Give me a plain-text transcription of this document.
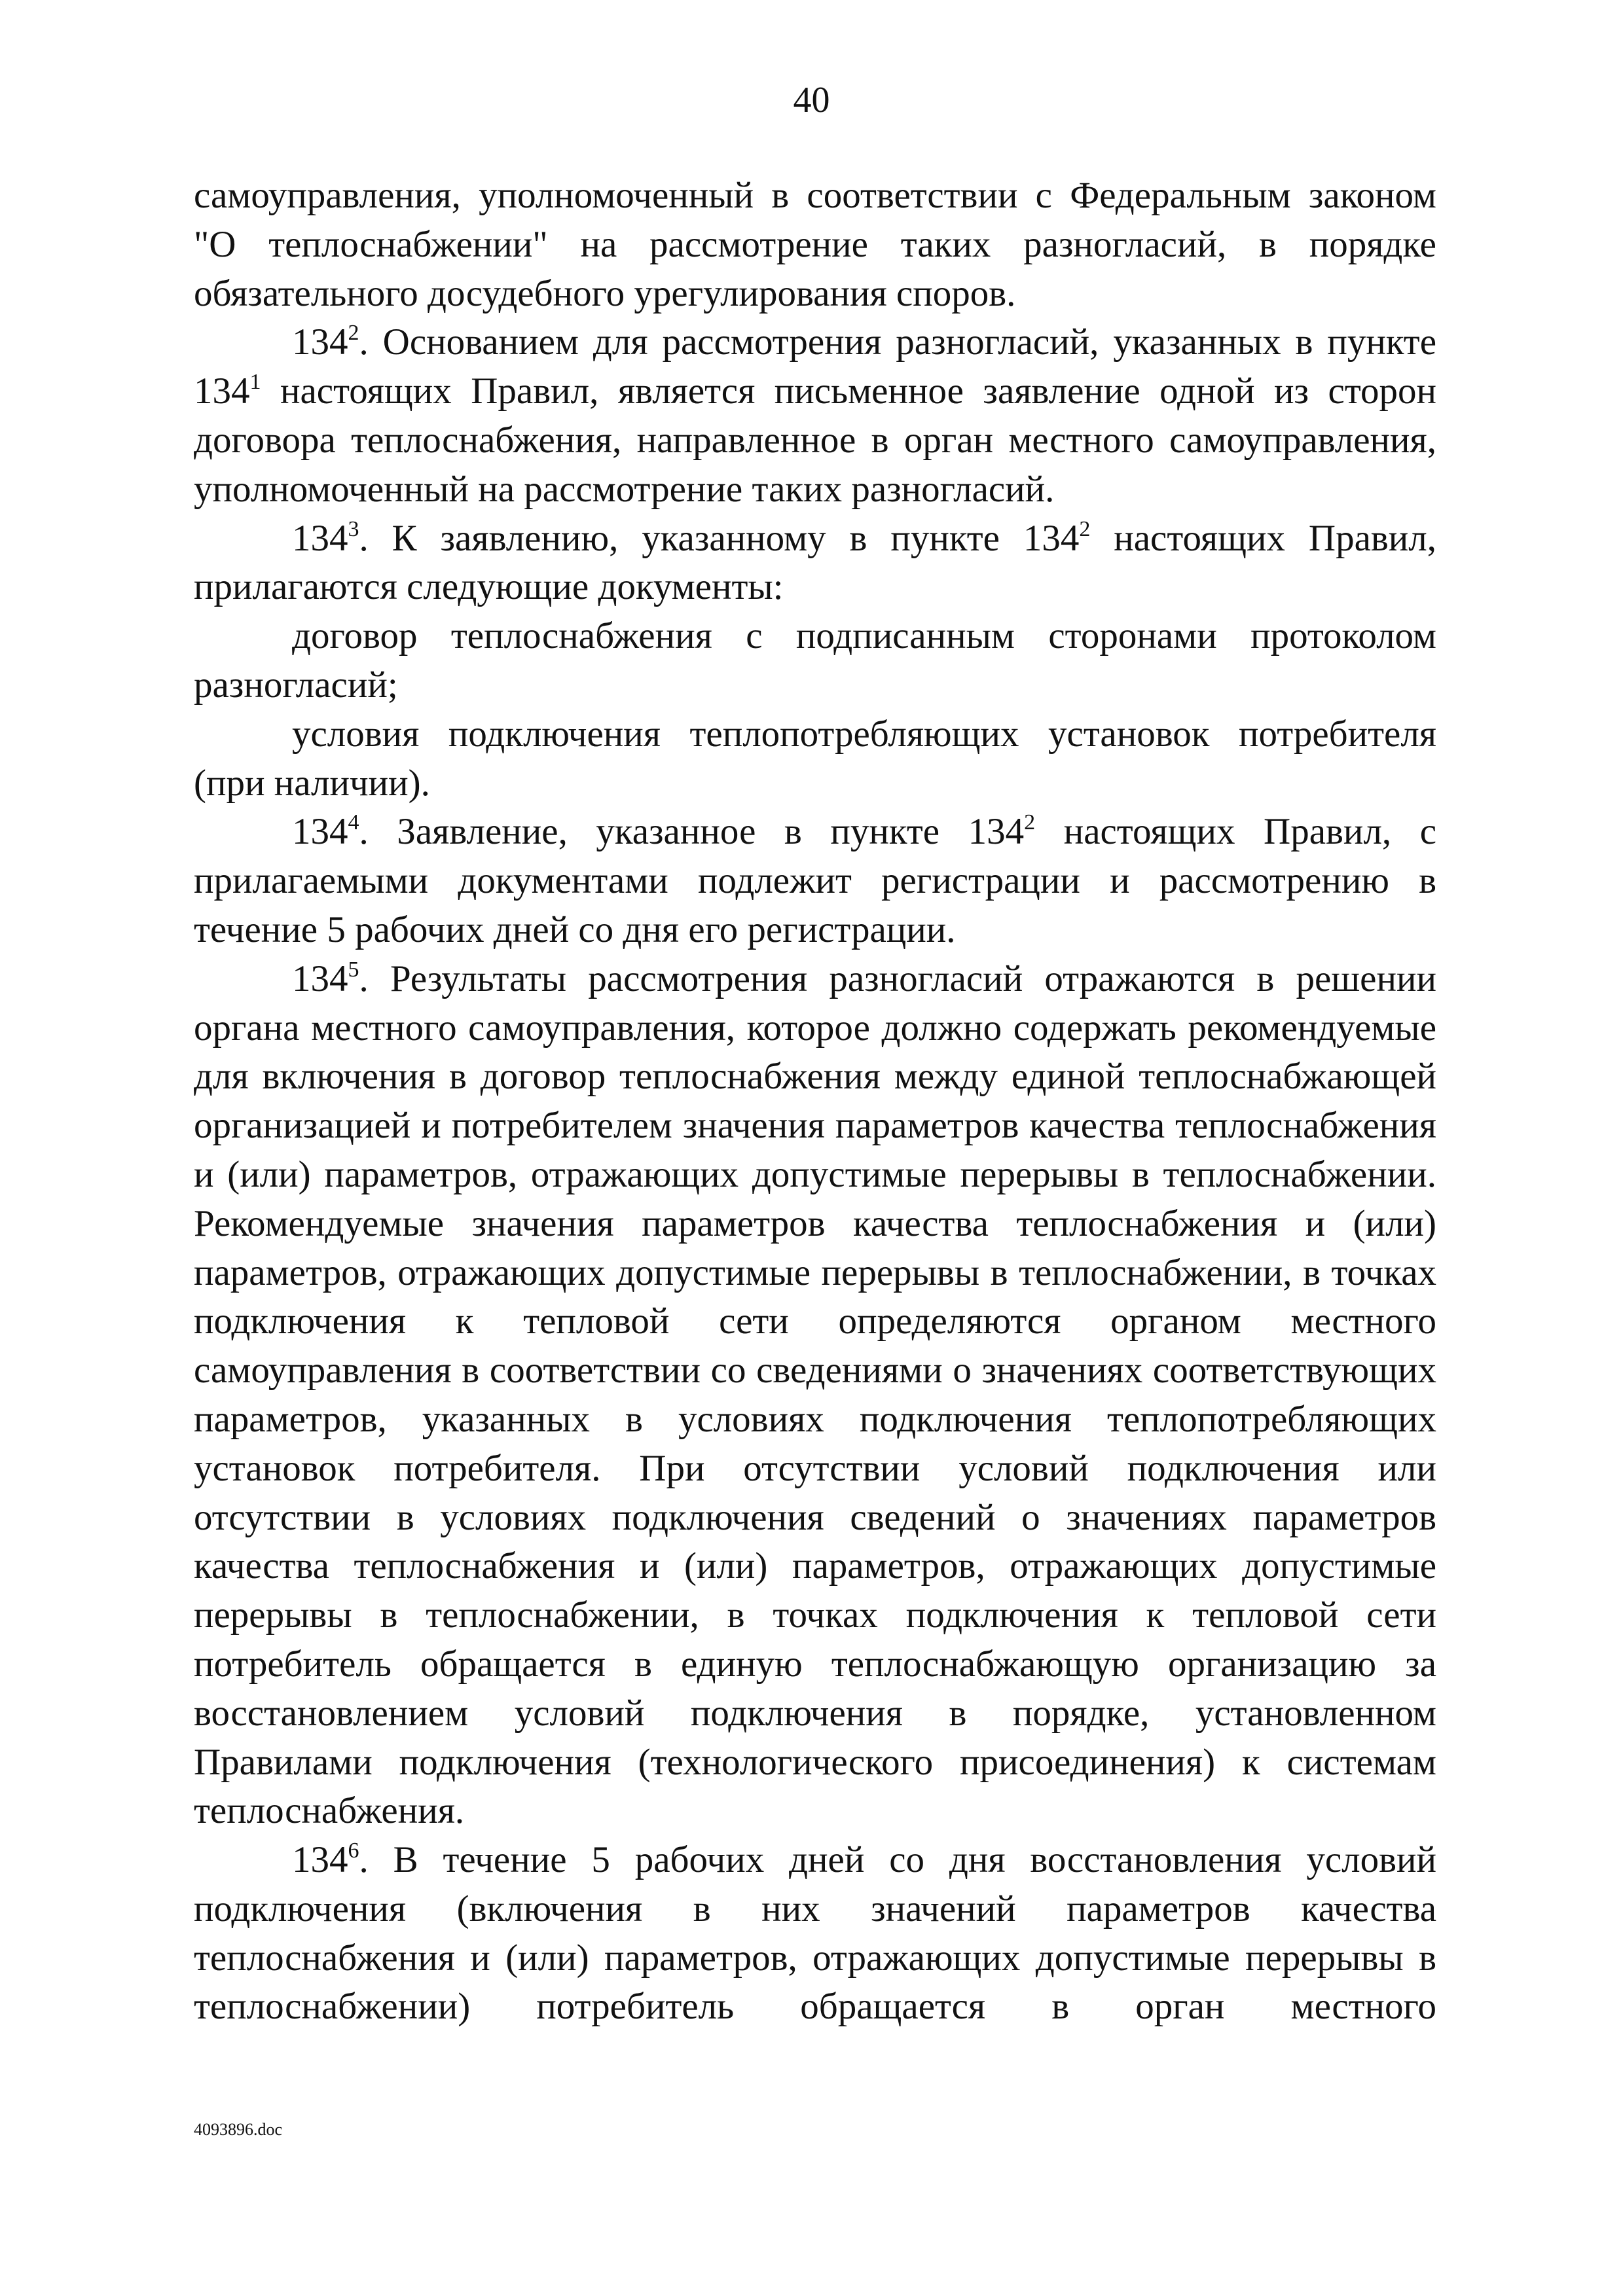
40

самоуправления, уполномоченный в соответствии с Федеральным законом "О теплоснабжении" на рассмотрение таких разногласий, в порядке обязательного досудебного урегулирования споров.

$134^2$. Основанием для рассмотрения разногласий, указанных в пункте $134^1$ настоящих Правил, является письменное заявление одной из сторон договора теплоснабжения, направленное в орган местного самоуправления, уполномоченный на рассмотрение таких разногласий.

$134^3$. К заявлению, указанному в пункте $134^2$ настоящих Правил, прилагаются следующие документы:

договор теплоснабжения с подписанным сторонами протоколом разногласий;

условия подключения теплопотребляющих установок потребителя (при наличии).

$134^4$. Заявление, указанное в пункте $134^2$ настоящих Правил, с прилагаемыми документами подлежит регистрации и рассмотрению в течение 5 рабочих дней со дня его регистрации.

$134^5$. Результаты рассмотрения разногласий отражаются в решении органа местного самоуправления, которое должно содержать рекомендуемые для включения в договор теплоснабжения между единой теплоснабжающей организацией и потребителем значения параметров качества теплоснабжения и (или) параметров, отражающих допустимые перерывы в теплоснабжении. Рекомендуемые значения параметров качества теплоснабжения и (или) параметров, отражающих допустимые перерывы в теплоснабжении, в точках подключения к тепловой сети определяются органом местного самоуправления в соответствии со сведениями о значениях соответствующих параметров, указанных в условиях подключения теплопотребляющих установок потребителя. При отсутствии условий подключения или отсутствии в условиях подключения сведений о значениях параметров качества теплоснабжения и (или) параметров, отражающих допустимые перерывы в теплоснабжении, в точках подключения к тепловой сети потребитель обращается в единую теплоснабжающую организацию за восстановлением условий подключения в порядке, установленном Правилами подключения (технологического присоединения) к системам теплоснабжения.

$134^6$. В течение 5 рабочих дней со дня восстановления условий подключения (включения в них значений параметров качества теплоснабжения и (или) параметров, отражающих допустимые перерывы в теплоснабжении) потребитель обращается в орган местного

4093896.doc
